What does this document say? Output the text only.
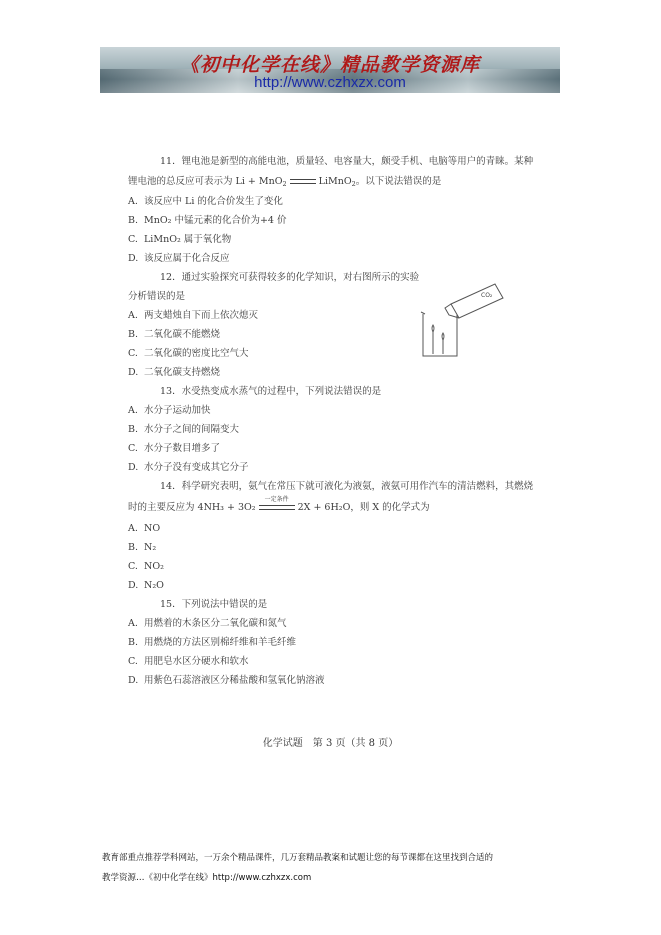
《初中化学在线》精品教学资源库
http://www.czhxzx.com
11．锂电池是新型的高能电池，质量轻、电容量大，颇受手机、电脑等用户的青睐。某种
锂电池的总反应可表示为 Li + MnO$_2$	LiMnO$_2$。以下说法错误的是
A. 该反应中 Li 的化合价发生了变化
B. MnO₂ 中锰元素的化合价为+4 价
C. LiMnO₂ 属于氧化物
D. 该反应属于化合反应
12．通过实验探究可获得较多的化学知识，对右图所示的实验
分析错误的是
A. 两支蜡烛自下而上依次熄灭
B. 二氧化碳不能燃烧
C. 二氧化碳的密度比空气大
D. 二氧化碳支持燃烧
CO₂
13．水受热变成水蒸气的过程中，下列说法错误的是
A. 水分子运动加快
B. 水分子之间的间隔变大
C. 水分子数目增多了
D. 水分子没有变成其它分子
14．科学研究表明，氨气在常压下就可液化为液氨，液氨可用作汽车的清洁燃料，其燃烧
时的主要反应为 4NH₃ + 3O₂
一定条件
2X + 6H₂O，则 X 的化学式为
A. NO
B. N₂
C. NO₂
D. N₂O
15．下列说法中错误的是
A. 用燃着的木条区分二氧化碳和氮气
B. 用燃烧的方法区别棉纤维和羊毛纤维
C. 用肥皂水区分硬水和软水
D. 用紫色石蕊溶液区分稀盐酸和氢氧化钠溶液
化学试题　第 3 页（共 8 页）
教育部重点推荐学科网站，一万余个精品课件，几万套精品教案和试题让您的每节课都在这里找到合适的
教学资源…《初中化学在线》http://www.czhxzx.com
